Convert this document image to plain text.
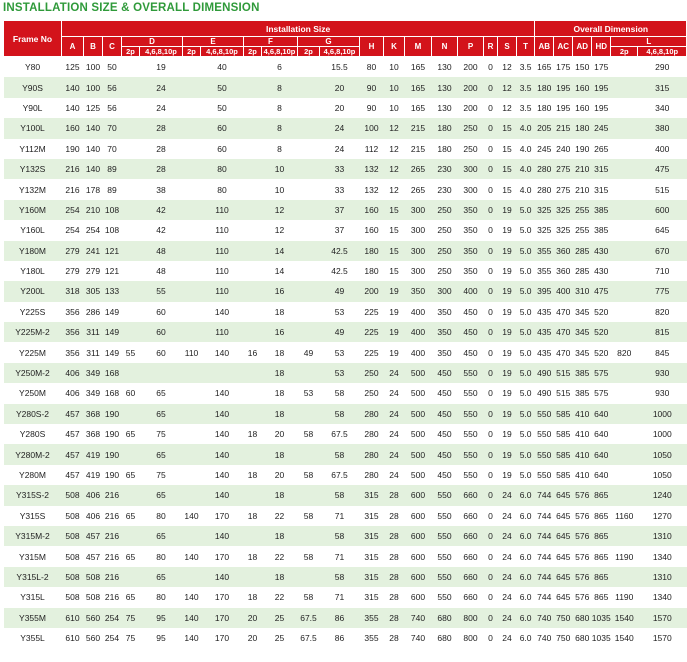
INSTALLATION SIZE & OVERALL DIMENSION
Frame No	Installation Size																			Overall Dimension					
	A	B	C	D		E		F		G		H	K	M	N	P	R	S	T	AB	AC	AD	HD	L	
				2p	4,6,8,10p	2p	4,6,8,10p	2p	4,6,8,10p	2p	4,6,8,10p													2p	4,6,8,10p
Y80	125	100	50		19		40		6		15.5	80	10	165	130	200	0	12	3.5	165	175	150	175		290
Y90S	140	100	56		24		50		8		20	90	10	165	130	200	0	12	3.5	180	195	160	195		315
Y90L	140	125	56		24		50		8		20	90	10	165	130	200	0	12	3.5	180	195	160	195		340
Y100L	160	140	70		28		60		8		24	100	12	215	180	250	0	15	4.0	205	215	180	245		380
Y112M	190	140	70		28		60		8		24	112	12	215	180	250	0	15	4.0	245	240	190	265		400
Y132S	216	140	89		28		80		10		33	132	12	265	230	300	0	15	4.0	280	275	210	315		475
Y132M	216	178	89		38		80		10		33	132	12	265	230	300	0	15	4.0	280	275	210	315		515
Y160M	254	210	108		42		110		12		37	160	15	300	250	350	0	19	5.0	325	325	255	385		600
Y160L	254	254	108		42		110		12		37	160	15	300	250	350	0	19	5.0	325	325	255	385		645
Y180M	279	241	121		48		110		14		42.5	180	15	300	250	350	0	19	5.0	355	360	285	430		670
Y180L	279	279	121		48		110		14		42.5	180	15	300	250	350	0	19	5.0	355	360	285	430		710
Y200L	318	305	133		55		110		16		49	200	19	350	300	400	0	19	5.0	395	400	310	475		775
Y225S	356	286	149		60		140		18		53	225	19	400	350	450	0	19	5.0	435	470	345	520		820
Y225M-2	356	311	149		60		110		16		49	225	19	400	350	450	0	19	5.0	435	470	345	520		815
Y225M	356	311	149	55	60	110	140	16	18	49	53	225	19	400	350	450	0	19	5.0	435	470	345	520	820	845
Y250M-2	406	349	168						18		53	250	24	500	450	550	0	19	5.0	490	515	385	575		930
Y250M	406	349	168	60	65		140		18	53	58	250	24	500	450	550	0	19	5.0	490	515	385	575		930
Y280S-2	457	368	190		65		140		18		58	280	24	500	450	550	0	19	5.0	550	585	410	640		1000
Y280S	457	368	190	65	75		140	18	20	58	67.5	280	24	500	450	550	0	19	5.0	550	585	410	640		1000
Y280M-2	457	419	190		65		140		18		58	280	24	500	450	550	0	19	5.0	550	585	410	640		1050
Y280M	457	419	190	65	75		140	18	20	58	67.5	280	24	500	450	550	0	19	5.0	550	585	410	640		1050
Y315S-2	508	406	216		65		140		18		58	315	28	600	550	660	0	24	6.0	744	645	576	865		1240
Y315S	508	406	216	65	80	140	170	18	22	58	71	315	28	600	550	660	0	24	6.0	744	645	576	865	1160	1270
Y315M-2	508	457	216		65		140		18		58	315	28	600	550	660	0	24	6.0	744	645	576	865		1310
Y315M	508	457	216	65	80	140	170	18	22	58	71	315	28	600	550	660	0	24	6.0	744	645	576	865	1190	1340
Y315L-2	508	508	216		65		140		18		58	315	28	600	550	660	0	24	6.0	744	645	576	865		1310
Y315L	508	508	216	65	80	140	170	18	22	58	71	315	28	600	550	660	0	24	6.0	744	645	576	865	1190	1340
Y355M	610	560	254	75	95	140	170	20	25	67.5	86	355	28	740	680	800	0	24	6.0	740	750	680	1035	1540	1570
Y355L	610	560	254	75	95	140	170	20	25	67.5	86	355	28	740	680	800	0	24	6.0	740	750	680	1035	1540	1570
